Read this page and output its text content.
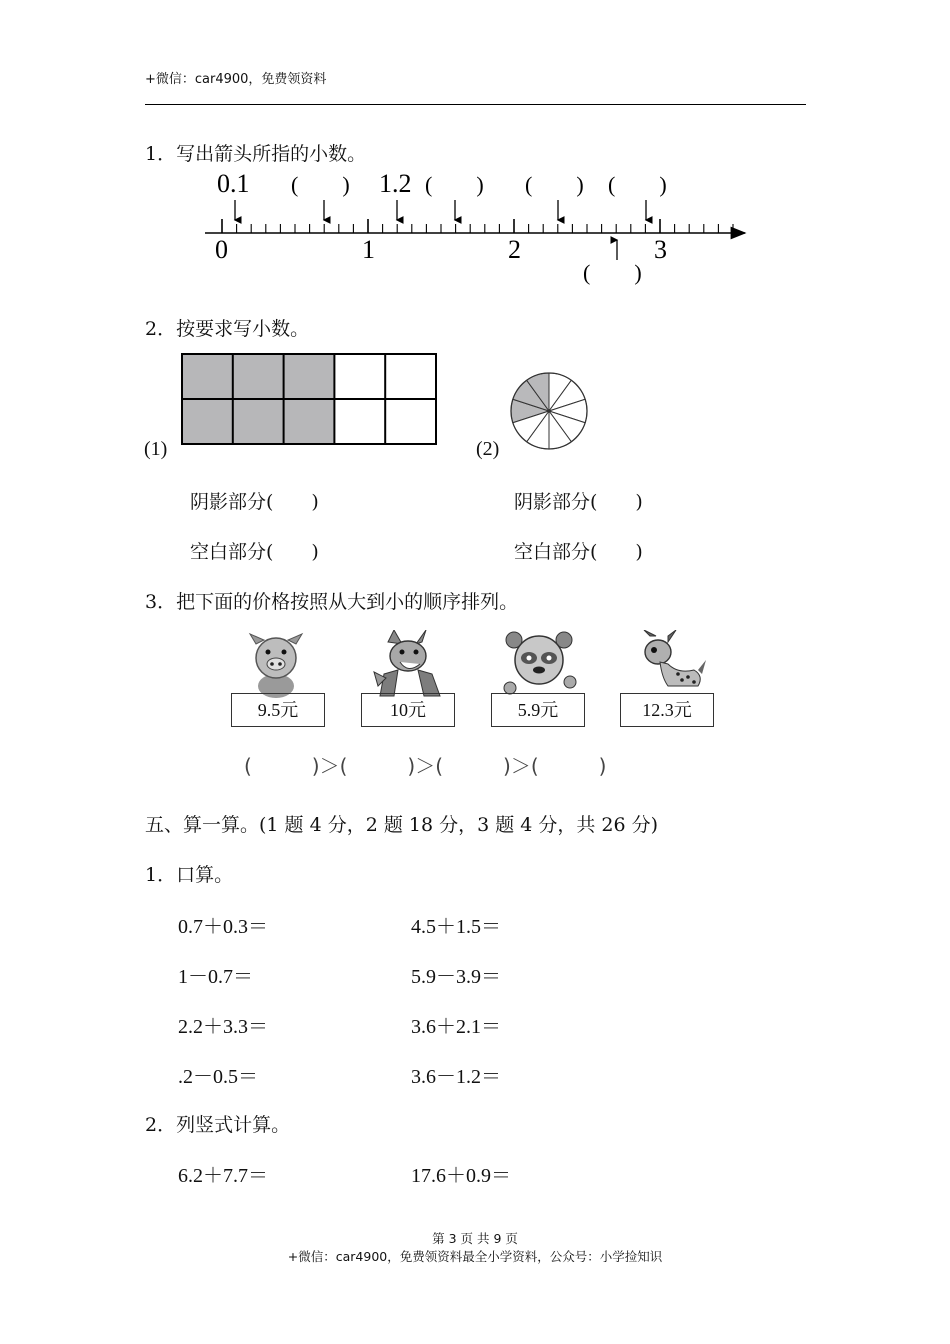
+微信：car4900，免费领资料
1．写出箭头所指的小数。
0.1 (　　) 1.2 (　　) (　　) (　　)
0	1	2	3
(　　)
2．按要求写小数。
(1)	(2)
阴影部分(　　)	阴影部分(　　)
空白部分(　　)	空白部分(　　)
3．把下面的价格按照从大到小的顺序排列。
9.5元	10元	5.9元	12.3元
(　　　)＞(　　　)＞(　　　)＞(　　　)
五、算一算。(1 题 4 分，2 题 18 分，3 题 4 分，共 26 分)
1．口算。
0.7＋0.3＝	4.5＋1.5＝
1－0.7＝	5.9－3.9＝
2.2＋3.3＝	3.6＋2.1＝
.2－0.5＝	3.6－1.2＝
2．列竖式计算。
6.2＋7.7＝	17.6＋0.9＝
第 3 页 共 9 页
+微信：car4900，免费领资料最全小学资料，公众号：小学捡知识
